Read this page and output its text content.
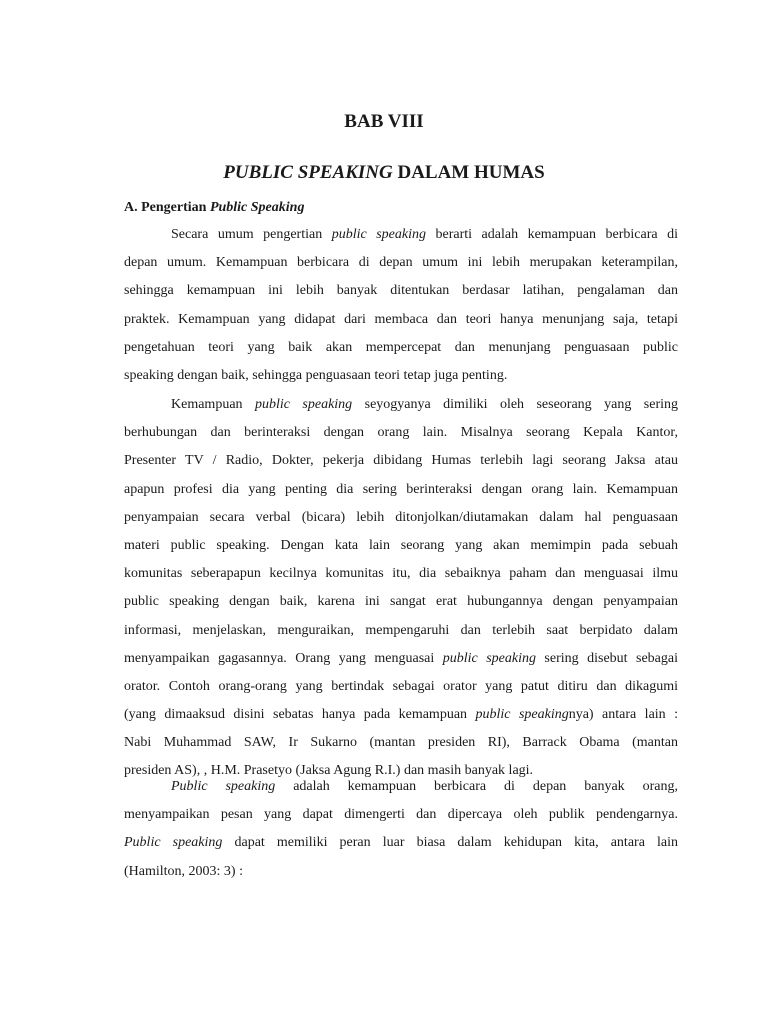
BAB VIII
PUBLIC SPEAKING DALAM HUMAS
A. Pengertian Public Speaking
Secara umum pengertian public speaking berarti adalah kemampuan berbicara di
depan umum. Kemampuan berbicara di depan umum ini lebih merupakan keterampilan,
sehingga kemampuan ini lebih banyak ditentukan berdasar latihan, pengalaman dan
praktek. Kemampuan yang didapat dari membaca dan teori hanya menunjang saja, tetapi
pengetahuan teori yang baik akan mempercepat dan menunjang penguasaan public
speaking dengan baik, sehingga penguasaan teori tetap juga penting.
Kemampuan public speaking seyogyanya dimiliki oleh seseorang yang sering
berhubungan dan berinteraksi dengan orang lain. Misalnya seorang Kepala Kantor,
Presenter TV / Radio, Dokter, pekerja dibidang Humas terlebih lagi seorang Jaksa atau
apapun profesi dia yang penting dia sering berinteraksi dengan orang lain. Kemampuan
penyampaian secara verbal (bicara) lebih ditonjolkan/diutamakan dalam hal penguasaan
materi public speaking. Dengan kata lain seorang yang akan memimpin pada sebuah
komunitas seberapapun kecilnya komunitas itu, dia sebaiknya paham dan menguasai ilmu
public speaking dengan baik, karena ini sangat erat hubungannya dengan penyampaian
informasi, menjelaskan, menguraikan, mempengaruhi dan terlebih saat berpidato dalam
menyampaikan gagasannya. Orang yang menguasai public speaking sering disebut sebagai
orator. Contoh orang-orang yang bertindak sebagai orator yang patut ditiru dan dikagumi
(yang dimaaksud disini sebatas hanya pada kemampuan public speakingnya) antara lain :
Nabi Muhammad SAW, Ir Sukarno (mantan presiden RI), Barrack Obama (mantan
presiden AS), , H.M. Prasetyo (Jaksa Agung R.I.) dan masih banyak lagi.
Public speaking adalah kemampuan berbicara di depan banyak orang,
menyampaikan pesan yang dapat dimengerti dan dipercaya oleh publik pendengarnya.
Public speaking dapat memiliki peran luar biasa dalam kehidupan kita, antara lain
(Hamilton, 2003: 3) :
